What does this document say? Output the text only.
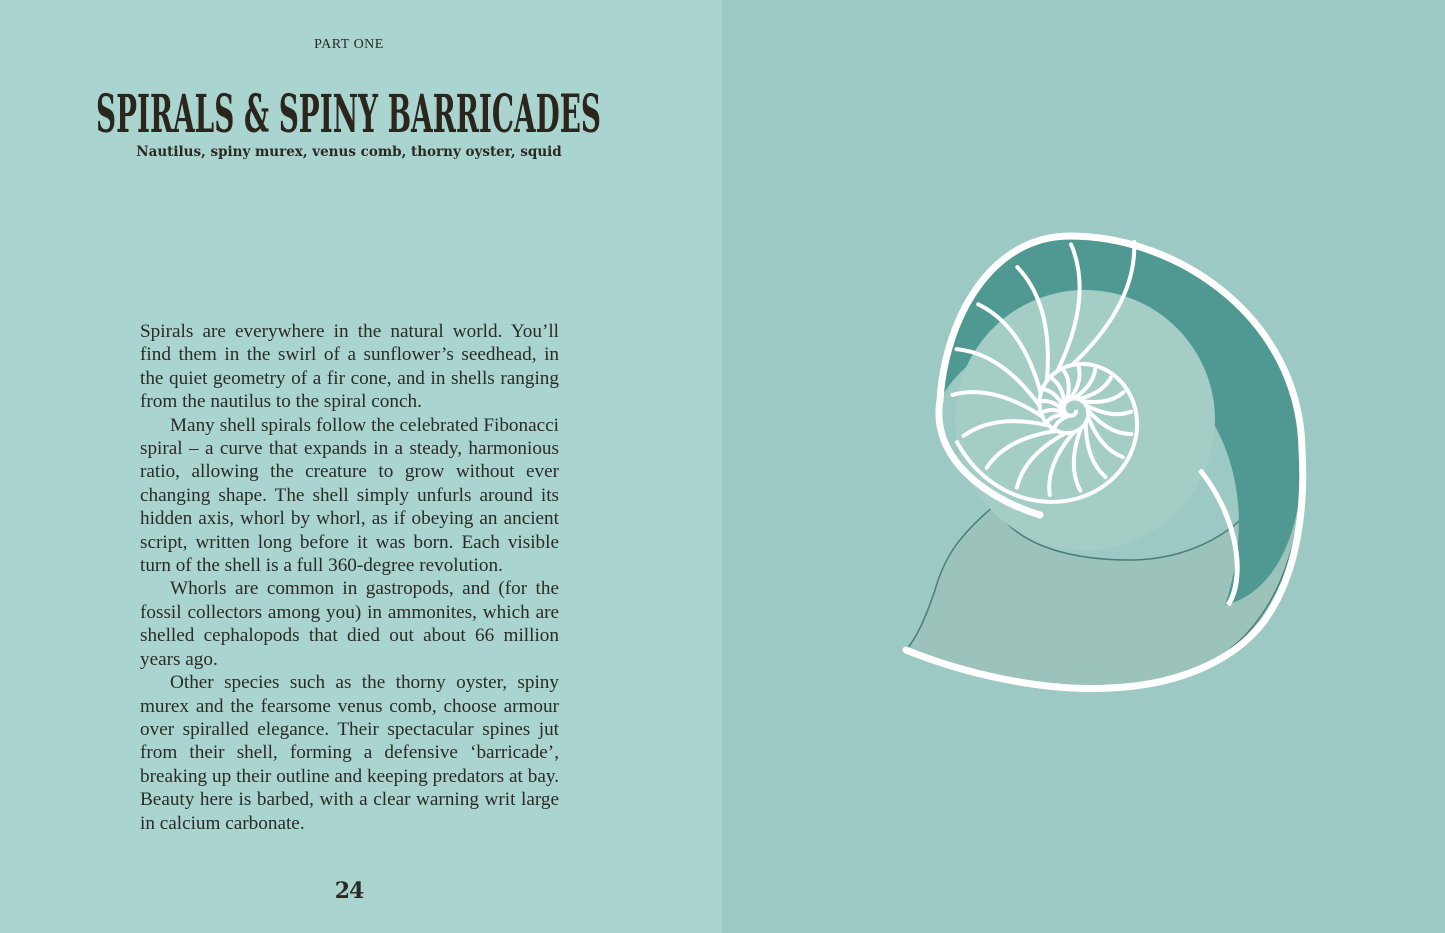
PART ONE
SPIRALS & SPINY BARRICADES
Nautilus, spiny murex, venus comb, thorny oyster, squid

Spirals are everywhere in the natural world. You’ll find them in the swirl of a sunflower’s seedhead, in the quiet geometry of a fir cone, and in shells ranging from the nautilus to the spiral conch.

Many shell spirals follow the celebrated Fibonacci spiral – a curve that expands in a steady, harmonious ratio, allowing the creature to grow without ever changing shape. The shell simply unfurls around its hidden axis, whorl by whorl, as if obeying an ancient script, written long before it was born. Each visible turn of the shell is a full 360-degree revolution.

Whorls are common in gastropods, and (for the fossil collectors among you) in ammonites, which are shelled cephalopods that died out about 66 million years ago.

Other species such as the thorny oyster, spiny murex and the fearsome venus comb, choose armour over spiralled elegance. Their spectacular spines jut from their shell, forming a defensive ‘barricade’, breaking up their outline and keeping predators at bay. Beauty here is barbed, with a clear warning writ large in calcium carbonate.

24
